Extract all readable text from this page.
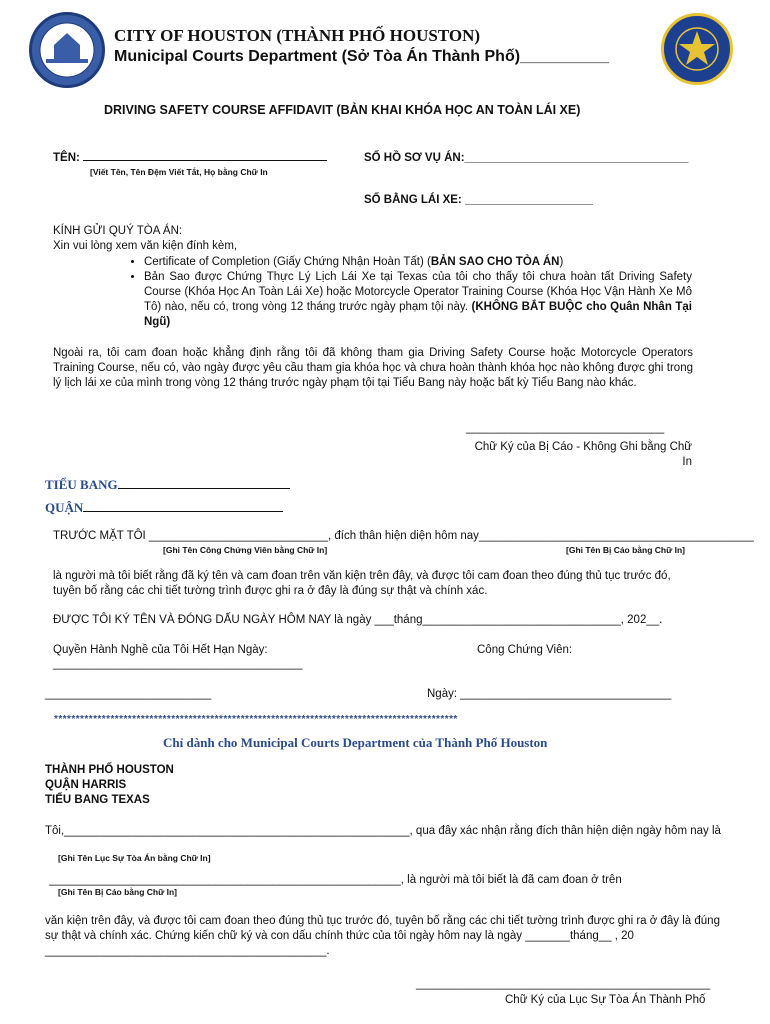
CITY OF HOUSTON (THÀNH PHỐ HOUSTON)
Municipal Courts Department (Sở Tòa Án Thành Phố)__________
DRIVING SAFETY COURSE AFFIDAVIT (BẢN KHAI KHÓA HỌC AN TOÀN LÁI XE)
TÊN:
[Viết Tên, Tên Đệm Viết Tắt, Họ bằng Chữ In
SỐ HỒ SƠ VỤ ÁN:___________________________________
SỐ BẰNG LÁI XE: ____________________
KÍNH GỬI QUÝ TÒA ÁN:
Xin vui lòng xem văn kiện đính kèm,
• Certificate of Completion (Giấy Chứng Nhận Hoàn Tất) (BẢN SAO CHO TÒA ÁN)
• Bản Sao được Chứng Thực Lý Lịch Lái Xe tại Texas của tôi cho thấy tôi chưa hoàn tất Driving Safety Course (Khóa Học An Toàn Lái Xe) hoặc Motorcycle Operator Training Course (Khóa Học Vận Hành Xe Mô Tô) nào, nếu có, trong vòng 12 tháng trước ngày phạm tội này. (KHÔNG BẮT BUỘC cho Quân Nhân Tại Ngũ)
Ngoài ra, tôi cam đoan hoặc khẳng định rằng tôi đã không tham gia Driving Safety Course hoặc Motorcycle Operators Training Course, nếu có, vào ngày được yêu cầu tham gia khóa học và chưa hoàn thành khóa học nào không được ghi trong lý lịch lái xe của mình trong vòng 12 tháng trước ngày phạm tội tại Tiểu Bang này hoặc bất kỳ Tiểu Bang nào khác.
_______________________________
Chữ Ký của Bị Cáo - Không Ghi bằng Chữ In
TIỂU BANG
QUẬN
TRƯỚC MẶT TÔI ____________________________, đích thân hiện diện hôm nay___________________________________________
[Ghi Tên Công Chứng Viên bằng Chữ In]	[Ghi Tên Bị Cáo bằng Chữ In]
là người mà tôi biết rằng đã ký tên và cam đoan trên văn kiện trên đây, và được tôi cam đoan theo đúng thủ tục trước đó, tuyên bố rằng các chi tiết tường trình được ghi ra ở đây là đúng sự thật và chính xác.
ĐƯỢC TÔI KÝ TÊN VÀ ĐÓNG DẤU NGÀY HÔM NAY là ngày ___tháng_______________________________, 202__.
Quyền Hành Nghề của Tôi Hết Hạn Ngày:
_______________________________________
Công Chứng Viên:
__________________________	Ngày: _________________________________
*********************************************************************************************
Chỉ dành cho Municipal Courts Department của Thành Phố Houston
THÀNH PHỐ HOUSTON
QUẬN HARRIS
TIỂU BANG TEXAS
Tôi,______________________________________________________, qua đây xác nhận rằng đích thân hiện diện ngày hôm nay là
[Ghi Tên Lục Sự Tòa Án bằng Chữ In]
_______________________________________________________, là người mà tôi biết là đã cam đoan ở trên
[Ghi Tên Bị Cáo bằng Chữ In]
văn kiện trên đây, và được tôi cam đoan theo đúng thủ tục trước đó, tuyên bố rằng các chi tiết tường trình được ghi ra ở đây là đúng sự thật và chính xác. Chứng kiến chữ ký và con dấu chính thức của tôi ngày hôm nay là ngày _______tháng__ , 20 ____________________________________________.
______________________________________________
Chữ Ký của Lục Sự Tòa Án Thành Phố
